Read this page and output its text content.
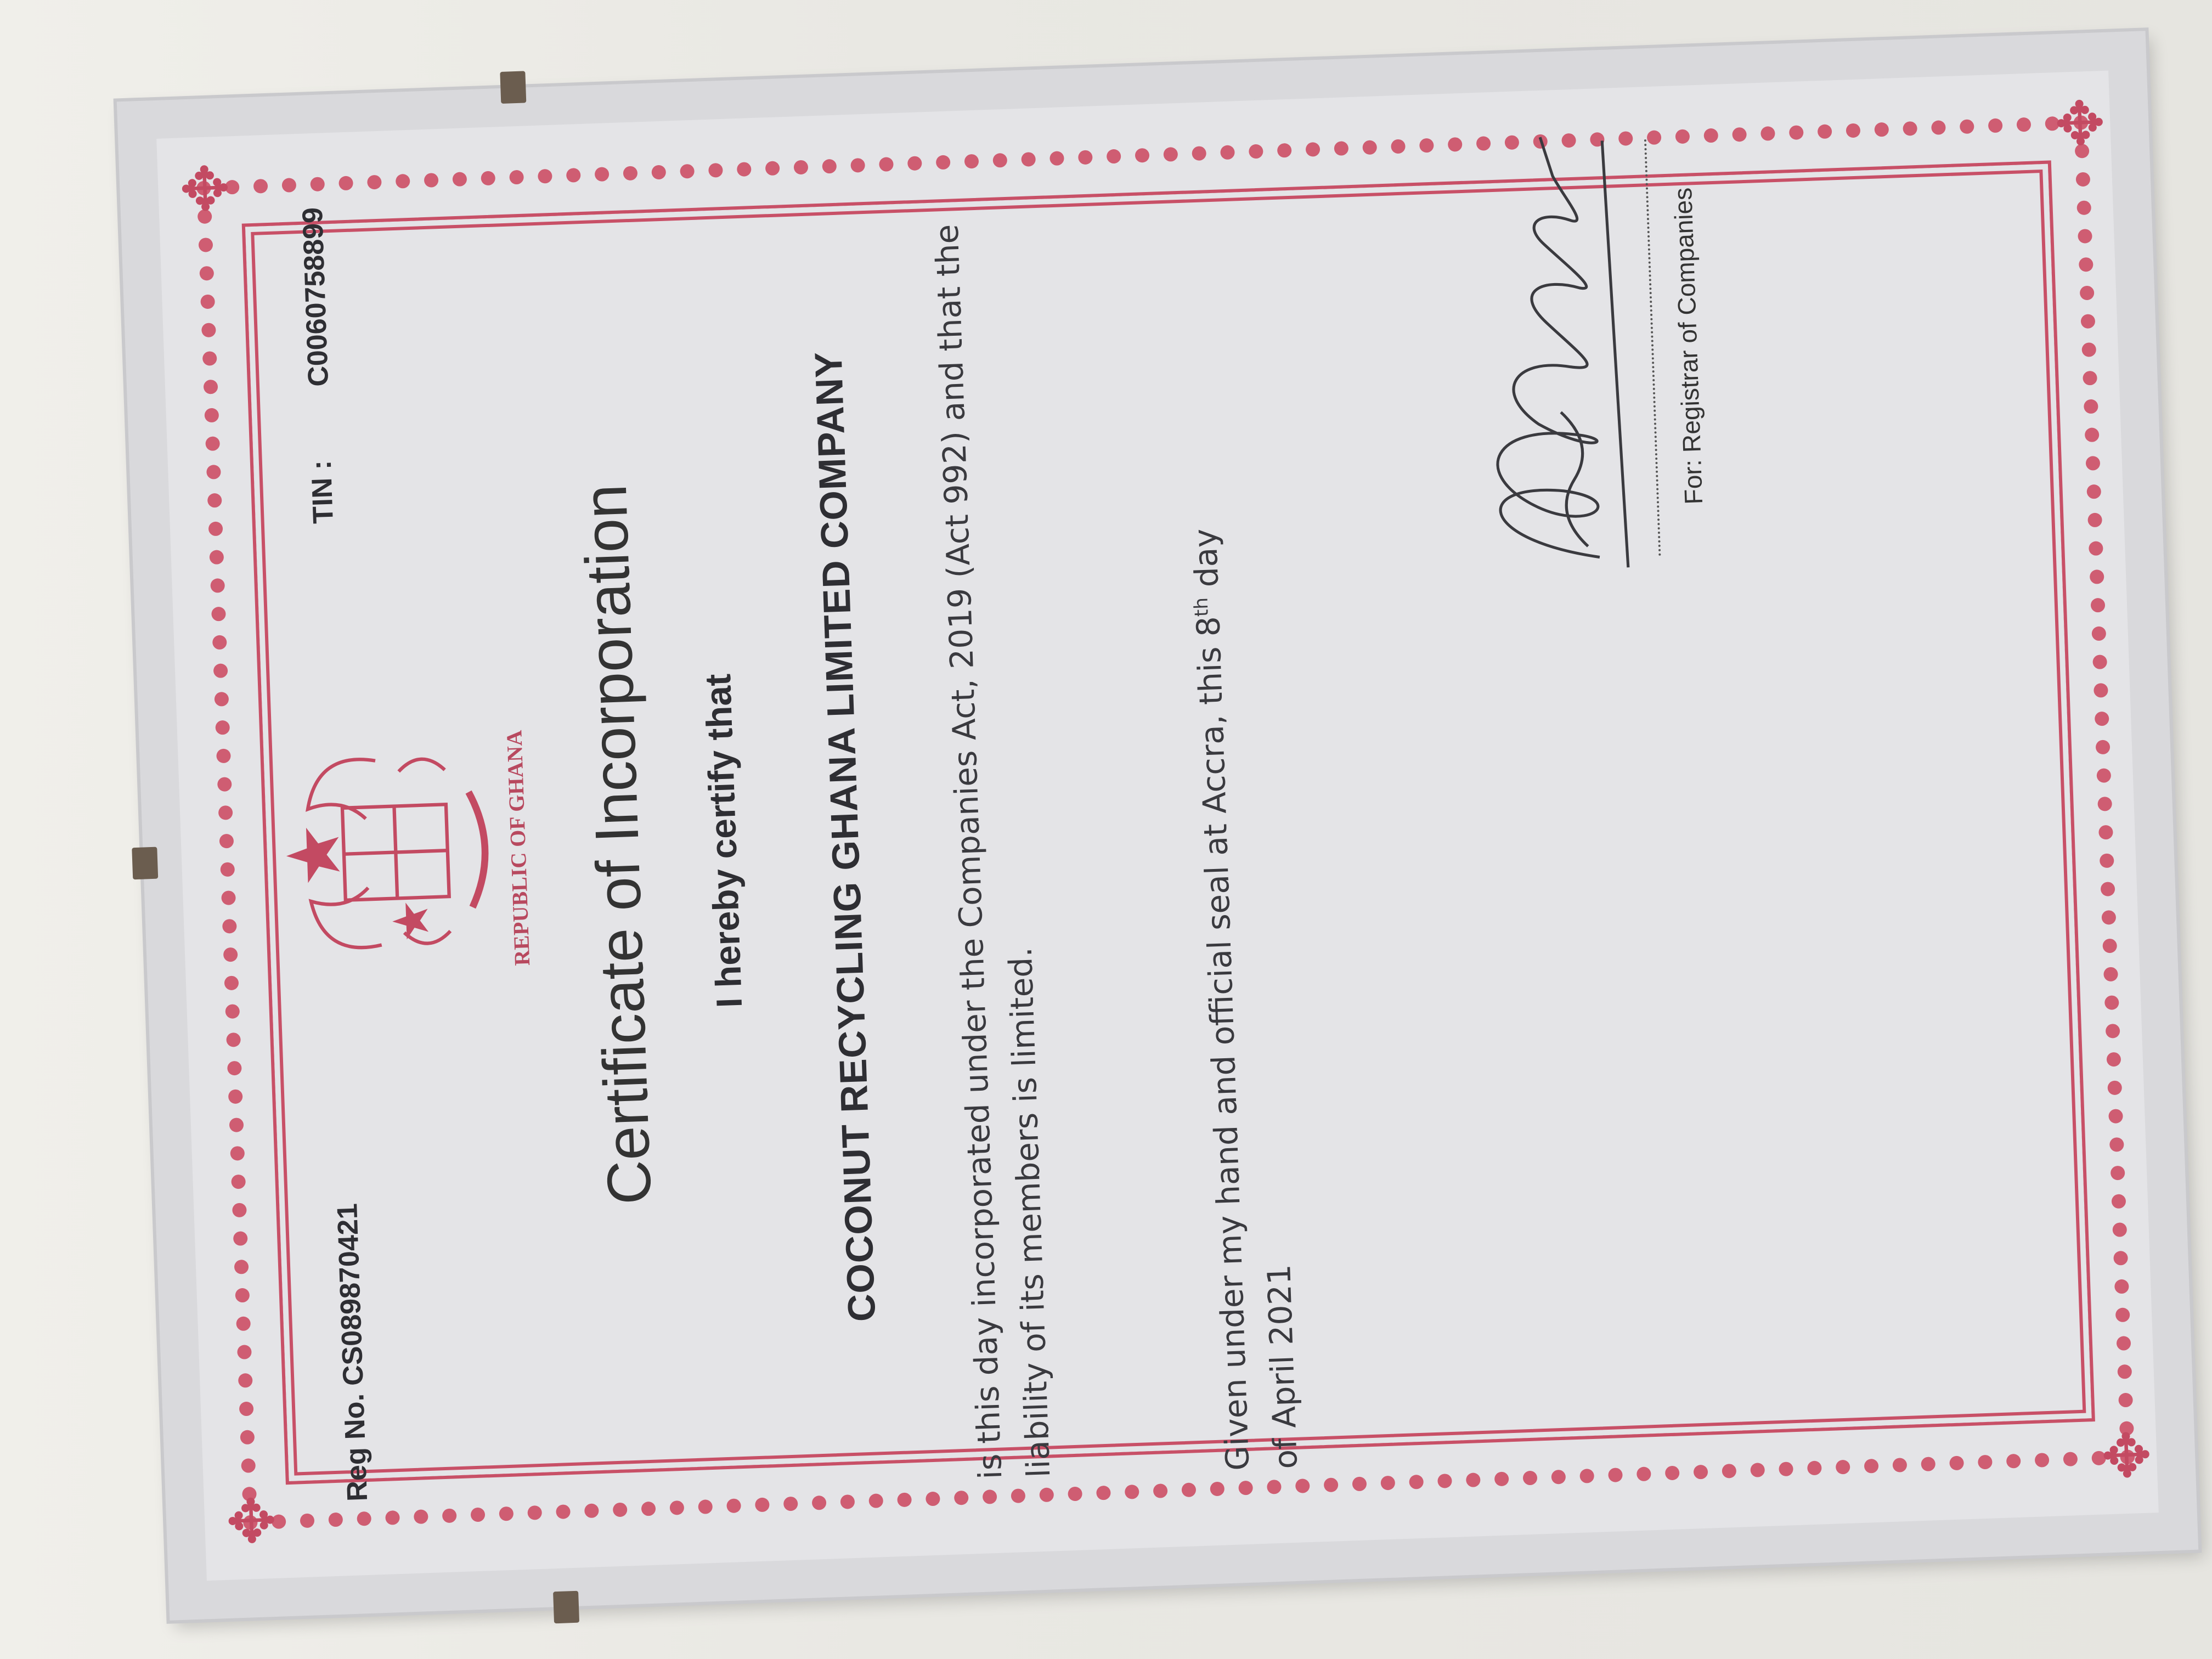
✥
✥
✥
✥
Reg No. CS089870421
TIN : C0060758899
REPUBLIC OF GHANA Certificate of Incorporation I hereby certify that	COCONUT RECYCLING GHANA LIMITED COMPANY is this day incorporated under the Companies Act, 2019 (Act 992) and that the liability of its members is limited.	Given under my hand and official seal at Accra, this 8th day of April 2021
For: Registrar of Companies
